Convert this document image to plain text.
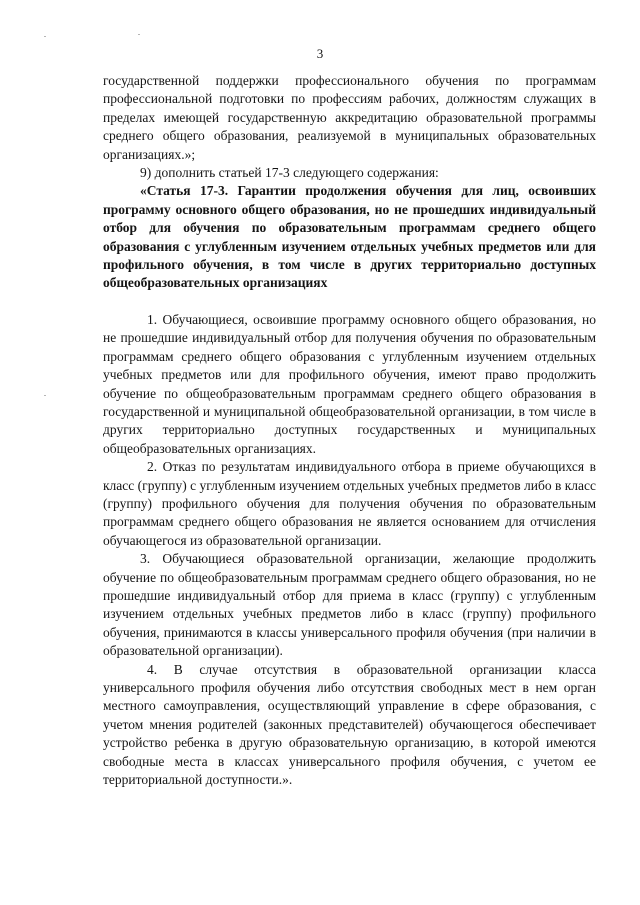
3

государственной поддержки профессионального обучения по программам профессиональной подготовки по профессиям рабочих, должностям служащих в пределах имеющей государственную аккредитацию образовательной программы среднего общего образования, реализуемой в муниципальных образовательных организациях.»;

9) дополнить статьей 17-3 следующего содержания:

«Статья 17-3. Гарантии продолжения обучения для лиц, освоивших программу основного общего образования, но не прошедших индивидуальный отбор для обучения по образовательным программам среднего общего образования с углубленным изучением отдельных учебных предметов или для профильного обучения, в том числе в других территориально доступных общеобразовательных организациях

1. Обучающиеся, освоившие программу основного общего образования, но не прошедшие индивидуальный отбор для получения обучения по образовательным программам среднего общего образования с углубленным изучением отдельных учебных предметов или для профильного обучения, имеют право продолжить обучение по общеобразовательным программам среднего общего образования в государственной и муниципальной общеобразовательной организации, в том числе в других территориально доступных государственных и муниципальных общеобразовательных организациях.

2. Отказ по результатам индивидуального отбора в приеме обучающихся в класс (группу) с углубленным изучением отдельных учебных предметов либо в класс (группу) профильного обучения для получения обучения по образовательным программам среднего общего образования не является основанием для отчисления обучающегося из образовательной организации.

3. Обучающиеся образовательной организации, желающие продолжить обучение по общеобразовательным программам среднего общего образования, но не прошедшие индивидуальный отбор для приема в класс (группу) с углубленным изучением отдельных учебных предметов либо в класс (группу) профильного обучения, принимаются в классы универсального профиля обучения (при наличии в образовательной организации).

4. В случае отсутствия в образовательной организации класса универсального профиля обучения либо отсутствия свободных мест в нем орган местного самоуправления, осуществляющий управление в сфере образования, с учетом мнения родителей (законных представителей) обучающегося обеспечивает устройство ребенка в другую образовательную организацию, в которой имеются свободные места в классах универсального профиля обучения, с учетом ее территориальной доступности.».
